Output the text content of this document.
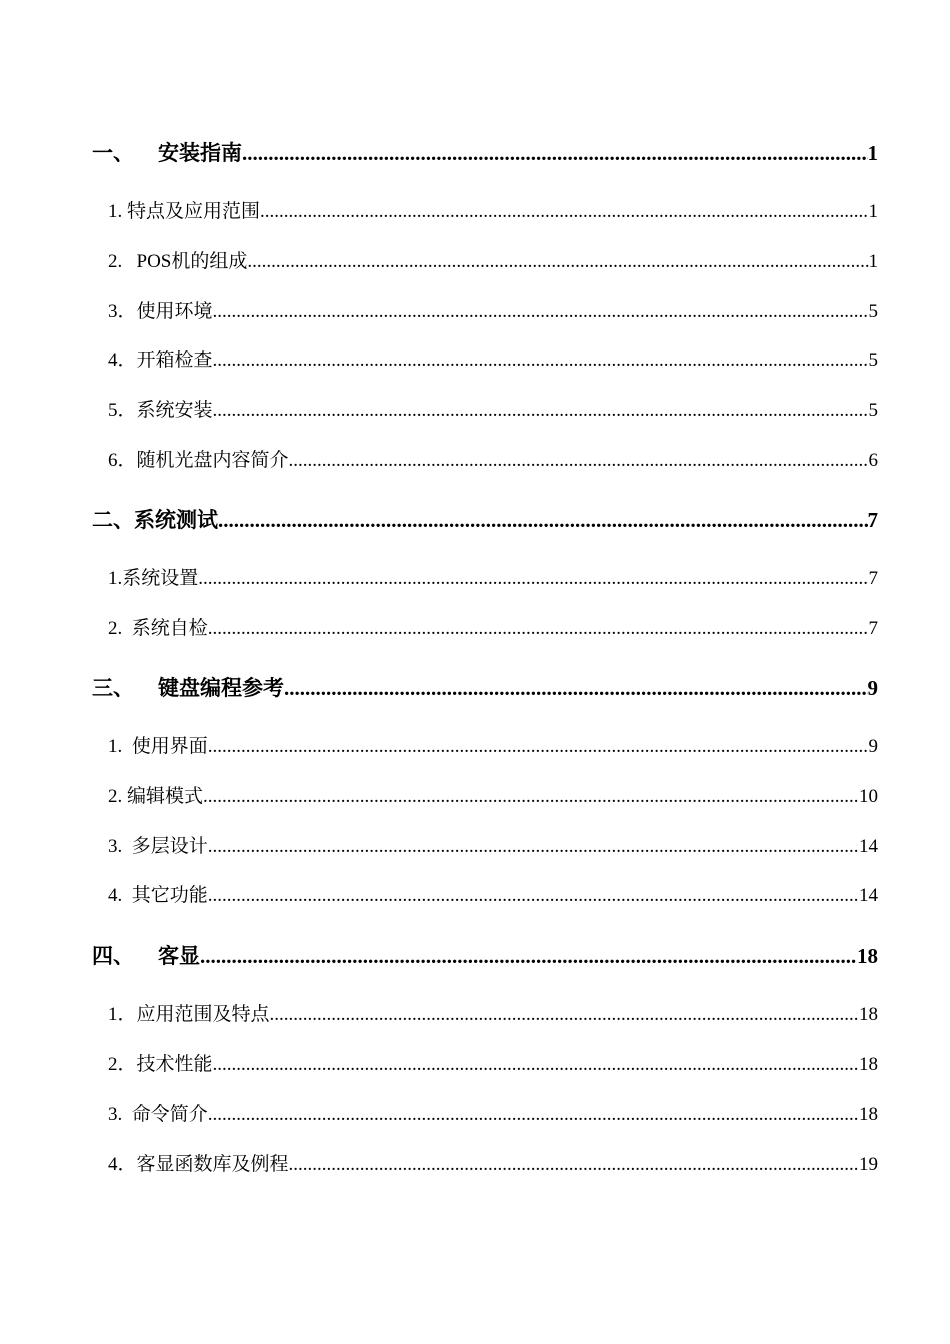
一、	安装指南 .....	1
1. 特点及应用范围 .....	1
2. POS机的组成 .....	1
3． 使用环境 .....	5
4． 开箱检查 .....	5
5． 系统安装 .....	5
6． 随机光盘内容简介 .....	6
二、系统测试 .....	7
1. 系统设置 .....	7
2. 系统自检 .....	7
三、	键盘编程参考 .....	9
1. 使用界面 .....	9
2. 编辑模式 .....	10
3. 多层设计 .....	14
4. 其它功能 .....	14
四、	客显 .....	18
1． 应用范围及特点 .....	18
2． 技术性能 .....	18
3. 命令简介 .....	18
4． 客显函数库及例程 .....	19
